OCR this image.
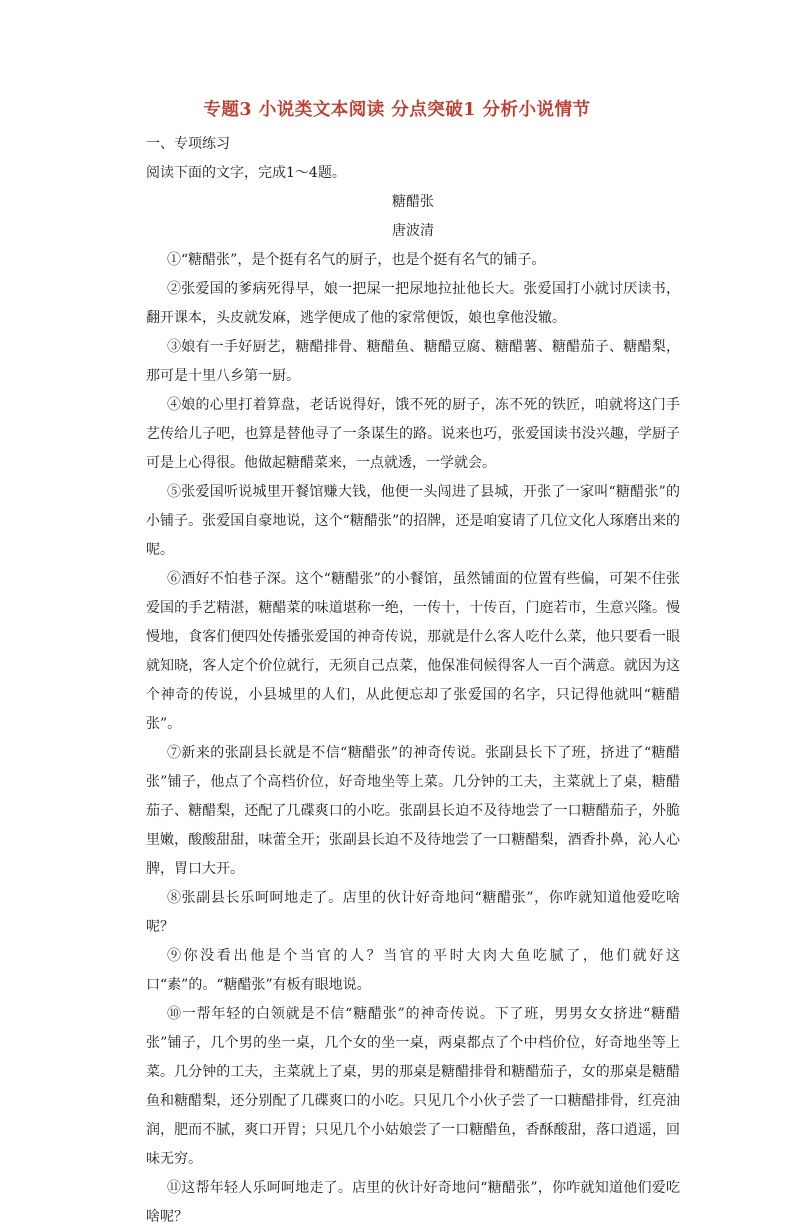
专题3 小说类文本阅读 分点突破1 分析小说情节

一、专项练习

阅读下面的文字，完成1～4题。

糖醋张

唐波清

①“糖醋张”，是个挺有名气的厨子，也是个挺有名气的铺子。

②张爱国的爹病死得早，娘一把屎一把尿地拉扯他长大。张爱国打小就讨厌读书，翻开课本，头皮就发麻，逃学便成了他的家常便饭，娘也拿他没辙。

③娘有一手好厨艺，糖醋排骨、糖醋鱼、糖醋豆腐、糖醋薯、糖醋茄子、糖醋梨，那可是十里八乡第一厨。

④娘的心里打着算盘，老话说得好，饿不死的厨子，冻不死的铁匠，咱就将这门手艺传给儿子吧，也算是替他寻了一条谋生的路。说来也巧，张爱国读书没兴趣，学厨子可是上心得很。他做起糖醋菜来，一点就透，一学就会。

⑤张爱国听说城里开餐馆赚大钱，他便一头闯进了县城，开张了一家叫“糖醋张”的小铺子。张爱国自豪地说，这个“糖醋张”的招牌，还是咱宴请了几位文化人琢磨出来的呢。

⑥酒好不怕巷子深。这个“糖醋张”的小餐馆，虽然铺面的位置有些偏，可架不住张爱国的手艺精湛，糖醋菜的味道堪称一绝，一传十，十传百，门庭若市，生意兴隆。慢慢地，食客们便四处传播张爱国的神奇传说，那就是什么客人吃什么菜，他只要看一眼就知晓，客人定个价位就行，无须自己点菜，他保准伺候得客人一百个满意。就因为这个神奇的传说，小县城里的人们，从此便忘却了张爱国的名字，只记得他就叫“糖醋张”。

⑦新来的张副县长就是不信“糖醋张”的神奇传说。张副县长下了班，挤进了“糖醋张”铺子，他点了个高档价位，好奇地坐等上菜。几分钟的工夫，主菜就上了桌，糖醋茄子、糖醋梨，还配了几碟爽口的小吃。张副县长迫不及待地尝了一口糖醋茄子，外脆里嫩，酸酸甜甜，味蕾全开；张副县长迫不及待地尝了一口糖醋梨，酒香扑鼻，沁人心脾，胃口大开。

⑧张副县长乐呵呵地走了。店里的伙计好奇地问“糖醋张”，你咋就知道他爱吃啥呢？

⑨你没看出他是个当官的人？当官的平时大肉大鱼吃腻了，他们就好这口“素”的。“糖醋张”有板有眼地说。

⑩一帮年轻的白领就是不信“糖醋张”的神奇传说。下了班，男男女女挤进“糖醋张”铺子，几个男的坐一桌，几个女的坐一桌，两桌都点了个中档价位，好奇地坐等上菜。几分钟的工夫，主菜就上了桌，男的那桌是糖醋排骨和糖醋茄子，女的那桌是糖醋鱼和糖醋梨，还分别配了几碟爽口的小吃。只见几个小伙子尝了一口糖醋排骨，红亮油润，肥而不腻，爽口开胃；只见几个小姑娘尝了一口糖醋鱼，香酥酸甜，落口逍遥，回味无穷。

⑪这帮年轻人乐呵呵地走了。店里的伙计好奇地问“糖醋张”，你咋就知道他们爱吃啥呢？
